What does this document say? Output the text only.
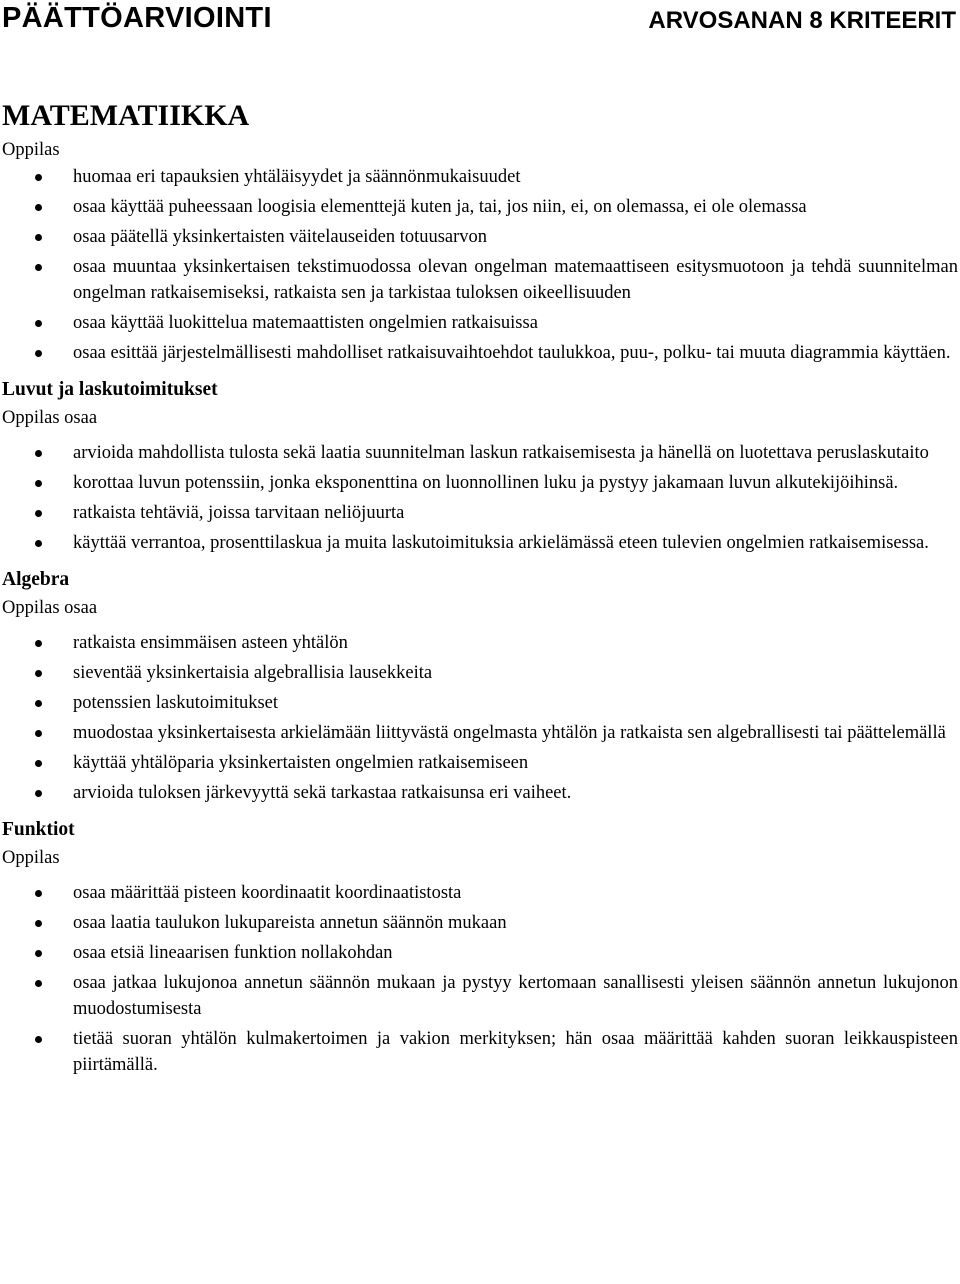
PÄÄTTÖARVIOINTI	ARVOSANAN 8 KRITEERIT
MATEMATIIKKA

Oppilas

huomaa eri tapauksien yhtäläisyydet ja säännönmukaisuudet
osaa käyttää puheessaan loogisia elementtejä kuten ja, tai, jos niin, ei, on olemassa, ei ole olemassa
osaa päätellä yksinkertaisten väitelauseiden totuusarvon
osaa muuntaa yksinkertaisen tekstimuodossa olevan ongelman matemaattiseen esitysmuotoon ja tehdä suunnitelman ongelman ratkaisemiseksi, ratkaista sen ja tarkistaa tuloksen oikeellisuuden
osaa käyttää luokittelua matemaattisten ongelmien ratkaisuissa
osaa esittää järjestelmällisesti mahdolliset ratkaisuvaihtoehdot taulukkoa, puu-, polku- tai muuta diagrammia käyttäen.
Luvut ja laskutoimitukset

Oppilas osaa

arvioida mahdollista tulosta sekä laatia suunnitelman laskun ratkaisemisesta ja hänellä on luotettava peruslaskutaito
korottaa luvun potenssiin, jonka eksponenttina on luonnollinen luku ja pystyy jakamaan luvun alkutekijöihinsä.
ratkaista tehtäviä, joissa tarvitaan neliöjuurta
käyttää verrantoa, prosenttilaskua ja muita laskutoimituksia arkielämässä eteen tulevien ongelmien ratkaisemisessa.
Algebra

Oppilas osaa

ratkaista ensimmäisen asteen yhtälön
sieventää yksinkertaisia algebrallisia lausekkeita
potenssien laskutoimitukset
muodostaa yksinkertaisesta arkielämään liittyvästä ongelmasta yhtälön ja ratkaista sen algebrallisesti tai päättelemällä
käyttää yhtälöparia yksinkertaisten ongelmien ratkaisemiseen
arvioida tuloksen järkevyyttä sekä tarkastaa ratkaisunsa eri vaiheet.
Funktiot

Oppilas

osaa määrittää pisteen koordinaatit koordinaatistosta
osaa laatia taulukon lukupareista annetun säännön mukaan
osaa etsiä lineaarisen funktion nollakohdan
osaa jatkaa lukujonoa annetun säännön mukaan ja pystyy kertomaan sanallisesti yleisen säännön annetun lukujonon muodostumisesta
tietää suoran yhtälön kulmakertoimen ja vakion merkityksen; hän osaa määrittää kahden suoran leikkauspisteen piirtämällä.
